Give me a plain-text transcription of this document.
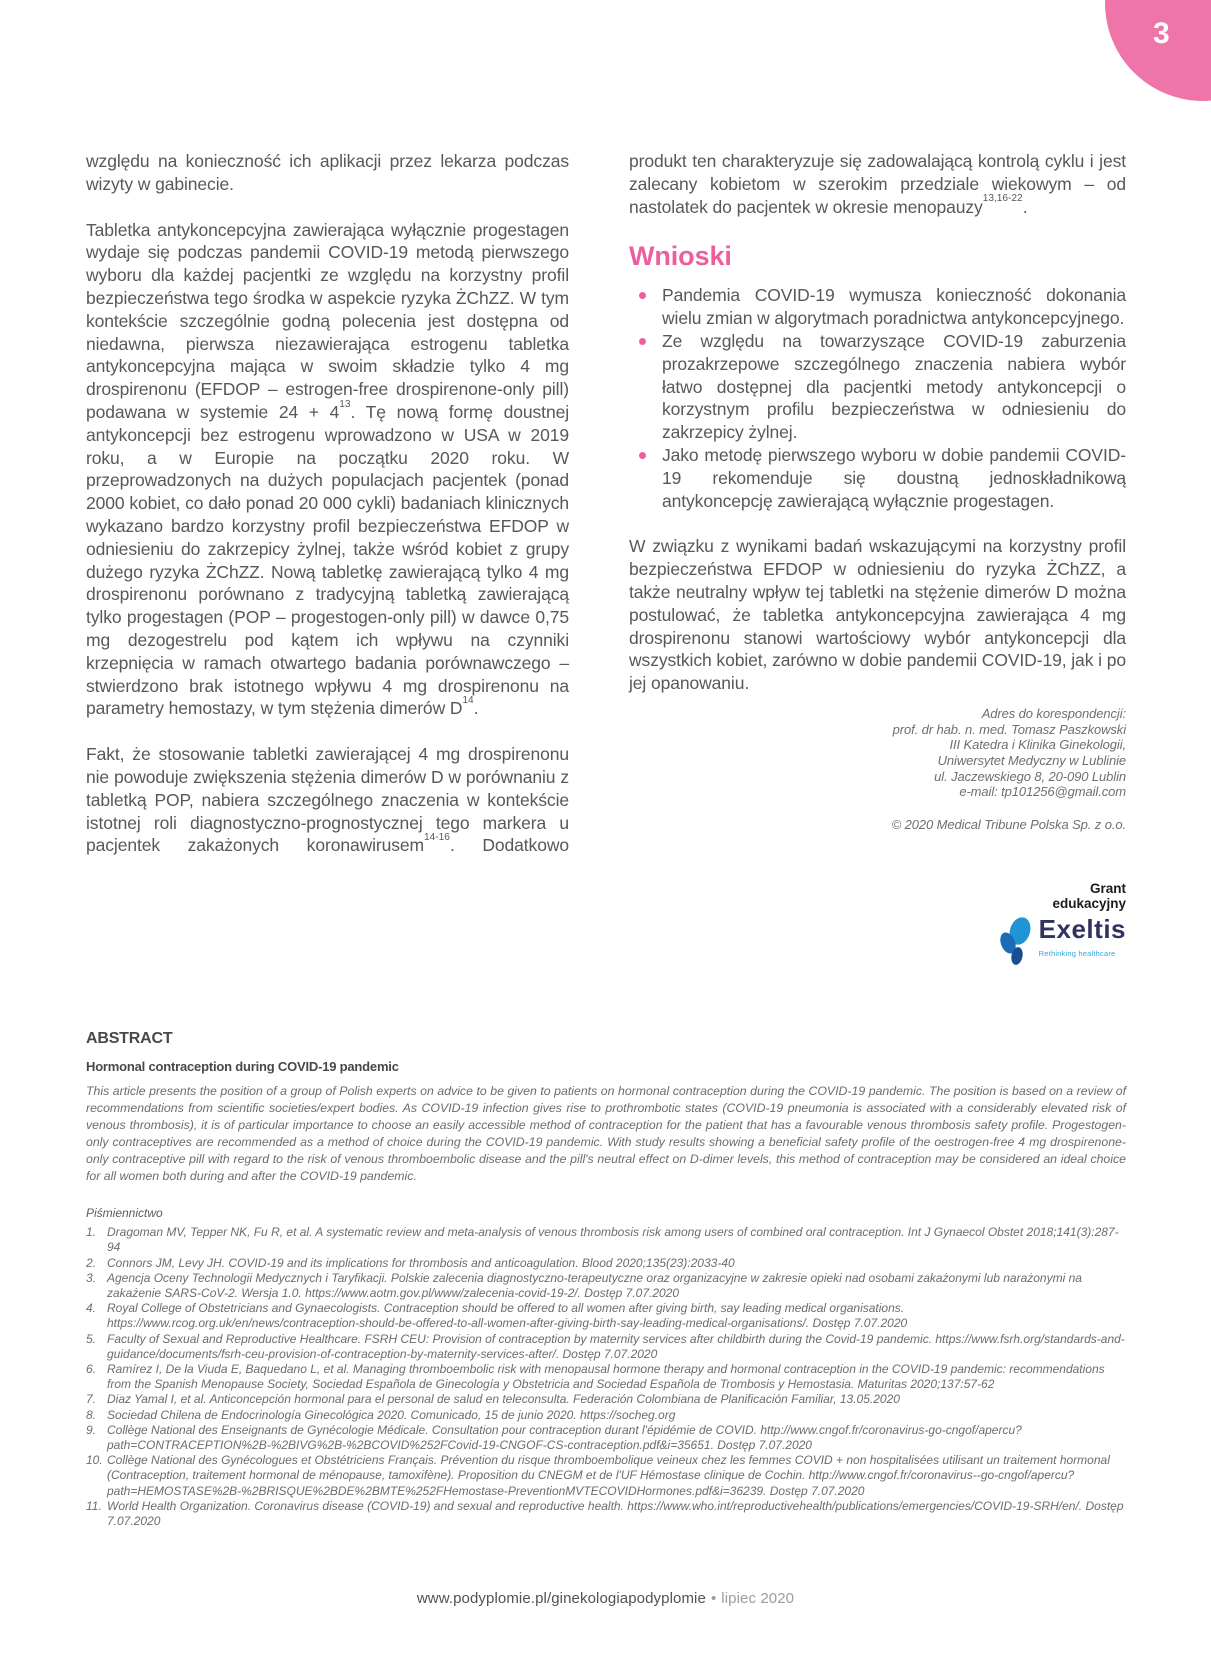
3

względu na konieczność ich aplikacji przez lekarza podczas wizyty w gabinecie.

Tabletka antykoncepcyjna zawierająca wyłącznie progestagen wydaje się podczas pandemii COVID-19 metodą pierwszego wyboru dla każdej pacjentki ze względu na korzystny profil bezpieczeństwa tego środka w aspekcie ryzyka ŻChZZ. W tym kontekście szczególnie godną polecenia jest dostępna od niedawna, pierwsza niezawierająca estrogenu tabletka antykoncepcyjna mająca w swoim składzie tylko 4 mg drospirenonu (EFDOP – estrogen-free drospirenone-only pill) podawana w systemie $24 + 4^{13}$. Tę nową formę doustnej antykoncepcji bez estrogenu wprowadzono w USA w 2019 roku, a w Europie na początku 2020 roku. W przeprowadzonych na dużych populacjach pacjentek (ponad 2000 kobiet, co dało ponad 20 000 cykli) badaniach klinicznych wykazano bardzo korzystny profil bezpieczeństwa EFDOP w odniesieniu do zakrzepicy żylnej, także wśród kobiet z grupy dużego ryzyka ŻChZZ. Nową tabletkę zawierającą tylko 4 mg drospirenonu porównano z tradycyjną tabletką zawierającą tylko progestagen (POP – progestogen-only pill) w dawce 0,75 mg dezogestrelu pod kątem ich wpływu na czynniki krzepnięcia w ramach otwartego badania porównawczego – stwierdzono brak istotnego wpływu 4 mg drospirenonu na parametry hemostazy, w tym stężenia dimerów $D^{14}$.

Fakt, że stosowanie tabletki zawierającej 4 mg drospirenonu nie powoduje zwiększenia stężenia dimerów D w porównaniu z tabletką POP, nabiera szczególnego znaczenia w kontekście istotnej roli diagnostyczno-prognostycznej tego markera u pacjentek zakażonych koronawirusem$^{14-16}$. Dodatkowo

produkt ten charakteryzuje się zadowalającą kontrolą cyklu i jest zalecany kobietom w szerokim przedziale wiekowym – od nastolatek do pacjentek w okresie menopauzy$^{13,16-22}$.

Wnioski
Pandemia COVID-19 wymusza konieczność dokonania wielu zmian w algorytmach poradnictwa antykoncepcyjnego.
Ze względu na towarzyszące COVID-19 zaburzenia prozakrzepowe szczególnego znaczenia nabiera wybór łatwo dostępnej dla pacjentki metody antykoncepcji o korzystnym profilu bezpieczeństwa w odniesieniu do zakrzepicy żylnej.
Jako metodę pierwszego wyboru w dobie pandemii COVID-19 rekomenduje się doustną jednoskładnikową antykoncepcję zawierającą wyłącznie progestagen.

W związku z wynikami badań wskazującymi na korzystny profil bezpieczeństwa EFDOP w odniesieniu do ryzyka ŻChZZ, a także neutralny wpływ tej tabletki na stężenie dimerów D można postulować, że tabletka antykoncepcyjna zawierająca 4 mg drospirenonu stanowi wartościowy wybór antykoncepcji dla wszystkich kobiet, zarówno w dobie pandemii COVID-19, jak i po jej opanowaniu.

Adres do korespondencji:
prof. dr hab. n. med. Tomasz Paszkowski
III Katedra i Klinika Ginekologii,
Uniwersytet Medyczny w Lublinie
ul. Jaczewskiego 8, 20-090 Lublin
e-mail: tp101256@gmail.com
© 2020 Medical Tribune Polska Sp. z o.o.
Grant
edukacyjny
Exeltis
Rethinking healthcare
ABSTRACT
Hormonal contraception during COVID-19 pandemic

This article presents the position of a group of Polish experts on advice to be given to patients on hormonal contraception during the COVID-19 pandemic. The position is based on a review of recommendations from scientific societies/expert bodies. As COVID-19 infection gives rise to prothrombotic states (COVID-19 pneumonia is associated with a considerably elevated risk of venous thrombosis), it is of particular importance to choose an easily accessible method of contraception for the patient that has a favourable venous thrombosis safety profile. Progestogen-only contraceptives are recommended as a method of choice during the COVID-19 pandemic. With study results showing a beneficial safety profile of the oestrogen-free 4 mg drospirenone-only contraceptive pill with regard to the risk of venous thromboembolic disease and the pill's neutral effect on D-dimer levels, this method of contraception may be considered an ideal choice for all women both during and after the COVID-19 pandemic.

Piśmiennictwo
1. Dragoman MV, Tepper NK, Fu R, et al. A systematic review and meta-analysis of venous thrombosis risk among users of combined oral contraception. Int J Gynaecol Obstet 2018;141(3):287-94
2. Connors JM, Levy JH. COVID-19 and its implications for thrombosis and anticoagulation. Blood 2020;135(23):2033-40
3. Agencja Oceny Technologii Medycznych i Taryfikacji. Polskie zalecenia diagnostyczno-terapeutyczne oraz organizacyjne w zakresie opieki nad osobami zakażonymi lub narażonymi na zakażenie SARS-CoV-2. Wersja 1.0. https://www.aotm.gov.pl/www/zalecenia-covid-19-2/. Dostęp 7.07.2020
4. Royal College of Obstetricians and Gynaecologists. Contraception should be offered to all women after giving birth, say leading medical organisations. https://www.rcog.org.uk/en/news/contraception-should-be-offered-to-all-women-after-giving-birth-say-leading-medical-organisations/. Dostęp 7.07.2020
5. Faculty of Sexual and Reproductive Healthcare. FSRH CEU: Provision of contraception by maternity services after childbirth during the Covid-19 pandemic. https://www.fsrh.org/standards-and-guidance/documents/fsrh-ceu-provision-of-contraception-by-maternity-services-after/. Dostęp 7.07.2020
6. Ramírez I, De la Viuda E, Baquedano L, et al. Managing thromboembolic risk with menopausal hormone therapy and hormonal contraception in the COVID-19 pandemic: recommendations from the Spanish Menopause Society, Sociedad Española de Ginecología y Obstetricia and Sociedad Española de Trombosis y Hemostasia. Maturitas 2020;137:57-62
7. Diaz Yamal I, et al. Anticoncepción hormonal para el personal de salud en teleconsulta. Federación Colombiana de Planificación Familiar, 13.05.2020
8. Sociedad Chilena de Endocrinología Ginecológica 2020. Comunicado, 15 de junio 2020. https://socheg.org
9. Collège National des Enseignants de Gynécologie Médicale. Consultation pour contraception durant l'épidémie de COVID. http://www.cngof.fr/coronavirus-go-cngof/apercu?path=CONTRACEPTION%2B-%2BIVG%2B-%2BCOVID%252FCovid-19-CNGOF-CS-contraception.pdf&i=35651. Dostęp 7.07.2020
10. Collège National des Gynécologues et Obstétriciens Français. Prévention du risque thromboembolique veineux chez les femmes COVID + non hospitalisées utilisant un traitement hormonal (Contraception, traitement hormonal de ménopause, tamoxifène). Proposition du CNEGM et de l'UF Hémostase clinique de Cochin. http://www.cngof.fr/coronavirus--go-cngof/apercu?path=HEMOSTASE%2B-%2BRISQUE%2BDE%2BMTE%252FHemostase-PreventionMVTECOVIDHormones.pdf&i=36239. Dostęp 7.07.2020
11. World Health Organization. Coronavirus disease (COVID-19) and sexual and reproductive health. https://www.who.int/reproductivehealth/publications/emergencies/COVID-19-SRH/en/. Dostęp 7.07.2020
www.podyplomie.pl/ginekologiapodyplomie • lipiec 2020
